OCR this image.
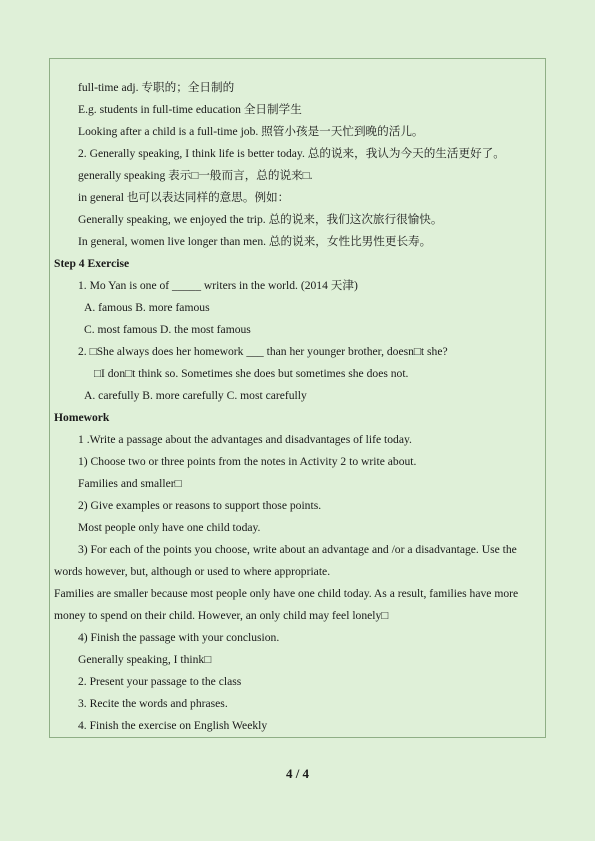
full-time adj. 专职的；全日制的
E.g. students in full-time education 全日制学生
Looking after a child is a full-time job. 照管小孩是一天忙到晚的活儿。
2. Generally speaking, I think life is better today. 总的说来，我认为今天的生活更好了。
generally speaking 表示□一般而言，总的说来□.
in general 也可以表达同样的意思。例如：
Generally speaking, we enjoyed the trip. 总的说来，我们这次旅行很愉快。
In general, women live longer than men. 总的说来，女性比男性更长寿。
Step 4 Exercise
1. Mo Yan is one of _____ writers in the world. (2014 天津)
A. famous B. more famous
C. most famous D. the most famous
2. □She always does her homework ___ than her younger brother, doesn□t she?
□I don□t think so. Sometimes she does but sometimes she does not.
A. carefully B. more carefully C. most carefully
Homework
1 .Write a passage about the advantages and disadvantages of life today.
1) Choose two or three points from the notes in Activity 2 to write about.
Families and smaller□
2) Give examples or reasons to support those points.
Most people only have one child today.
3) For each of the points you choose, write about an advantage and /or a disadvantage. Use the
words however, but, although or used to where appropriate.
Families are smaller because most people only have one child today. As a result, families have more
money to spend on their child. However, an only child may feel lonely□
4) Finish the passage with your conclusion.
Generally speaking, I think□
2. Present your passage to the class
3. Recite the words and phrases.
4. Finish the exercise on English Weekly
4 / 4
